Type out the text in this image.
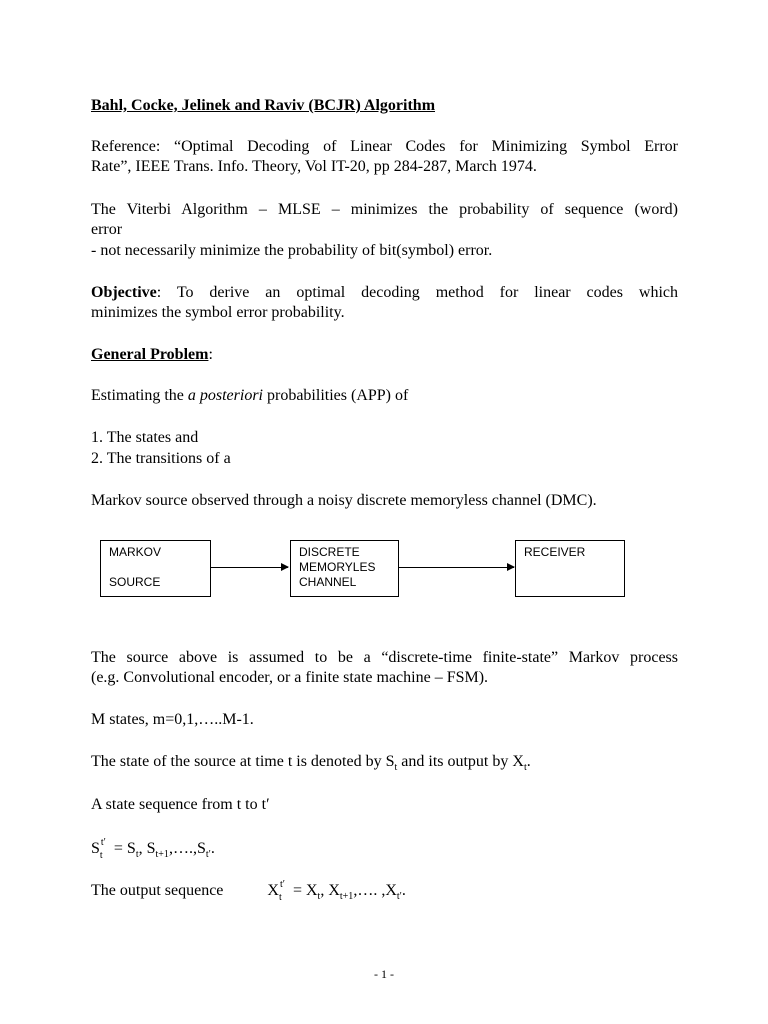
Bahl, Cocke, Jelinek and Raviv (BCJR) Algorithm
Reference: “Optimal Decoding of Linear Codes for Minimizing Symbol Error
Rate”, IEEE Trans. Info. Theory, Vol IT-20, pp 284-287, March 1974.
The Viterbi Algorithm – MLSE – minimizes the probability of sequence (word)
error
- not necessarily minimize the probability of bit(symbol) error.
Objective: To derive an optimal decoding method for linear codes which
minimizes the symbol error probability.
General Problem:
Estimating the a posteriori probabilities (APP) of
1. The states and
2. The transitions of a
Markov source observed through a noisy discrete memoryless channel (DMC).
MARKOV
SOURCE
DISCRETE
MEMORYLES
CHANNEL
RECEIVER
The source above is assumed to be a “discrete-time finite-state” Markov process
(e.g. Convolutional encoder, or a finite state machine – FSM).
M states, m=0,1,…..M-1.
The state of the source at time t is denoted by $S_t$ and its output by $X_t$.
A state sequence from t to t′
S t′
$t = S_t$, $S_{t+1},\dots.,S_{t'}$.
The output sequence	X t′
$t = X_t$, $X_{t+1},\dots$. $,X_{t'}$.
- 1 -
